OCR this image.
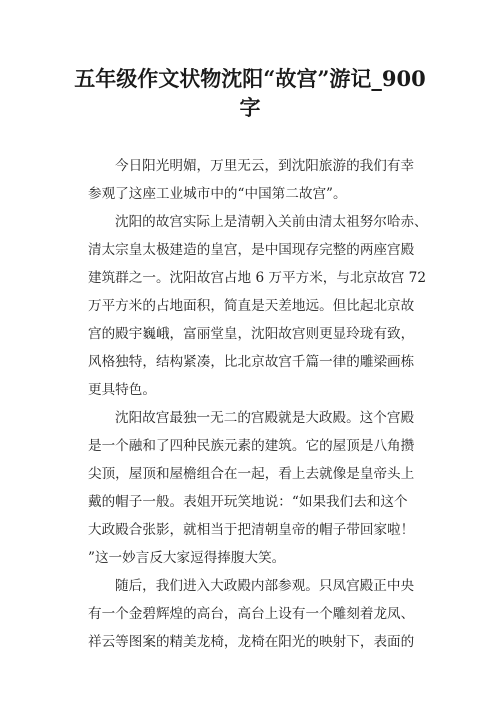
五年级作文状物沈阳“故宫”游记_900
字
今日阳光明媚，万里无云，到沈阳旅游的我们有幸
参观了这座工业城市中的“中国第二故宫”。
沈阳的故宫实际上是清朝入关前由清太祖努尔哈赤、
清太宗皇太极建造的皇宫，是中国现存完整的两座宫殿
建筑群之一。沈阳故宫占地 6 万平方米，与北京故宫 72
万平方米的占地面积，简直是天差地远。但比起北京故
宫的殿宇巍峨，富丽堂皇，沈阳故宫则更显玲珑有致，
风格独特，结构紧凑，比北京故宫千篇一律的雕梁画栋
更具特色。
沈阳故宫最独一无二的宫殿就是大政殿。这个宫殿
是一个融和了四种民族元素的建筑。它的屋顶是八角攒
尖顶，屋顶和屋檐组合在一起，看上去就像是皇帝头上
戴的帽子一般。表姐开玩笑地说：“如果我们去和这个
大政殿合张影，就相当于把清朝皇帝的帽子带回家啦！
”这一妙言反大家逗得捧腹大笑。
随后，我们进入大政殿内部参观。只凤宫殿正中央
有一个金碧辉煌的高台，高台上设有一个雕刻着龙凤、
祥云等图案的精美龙椅，龙椅在阳光的映射下，表面的
